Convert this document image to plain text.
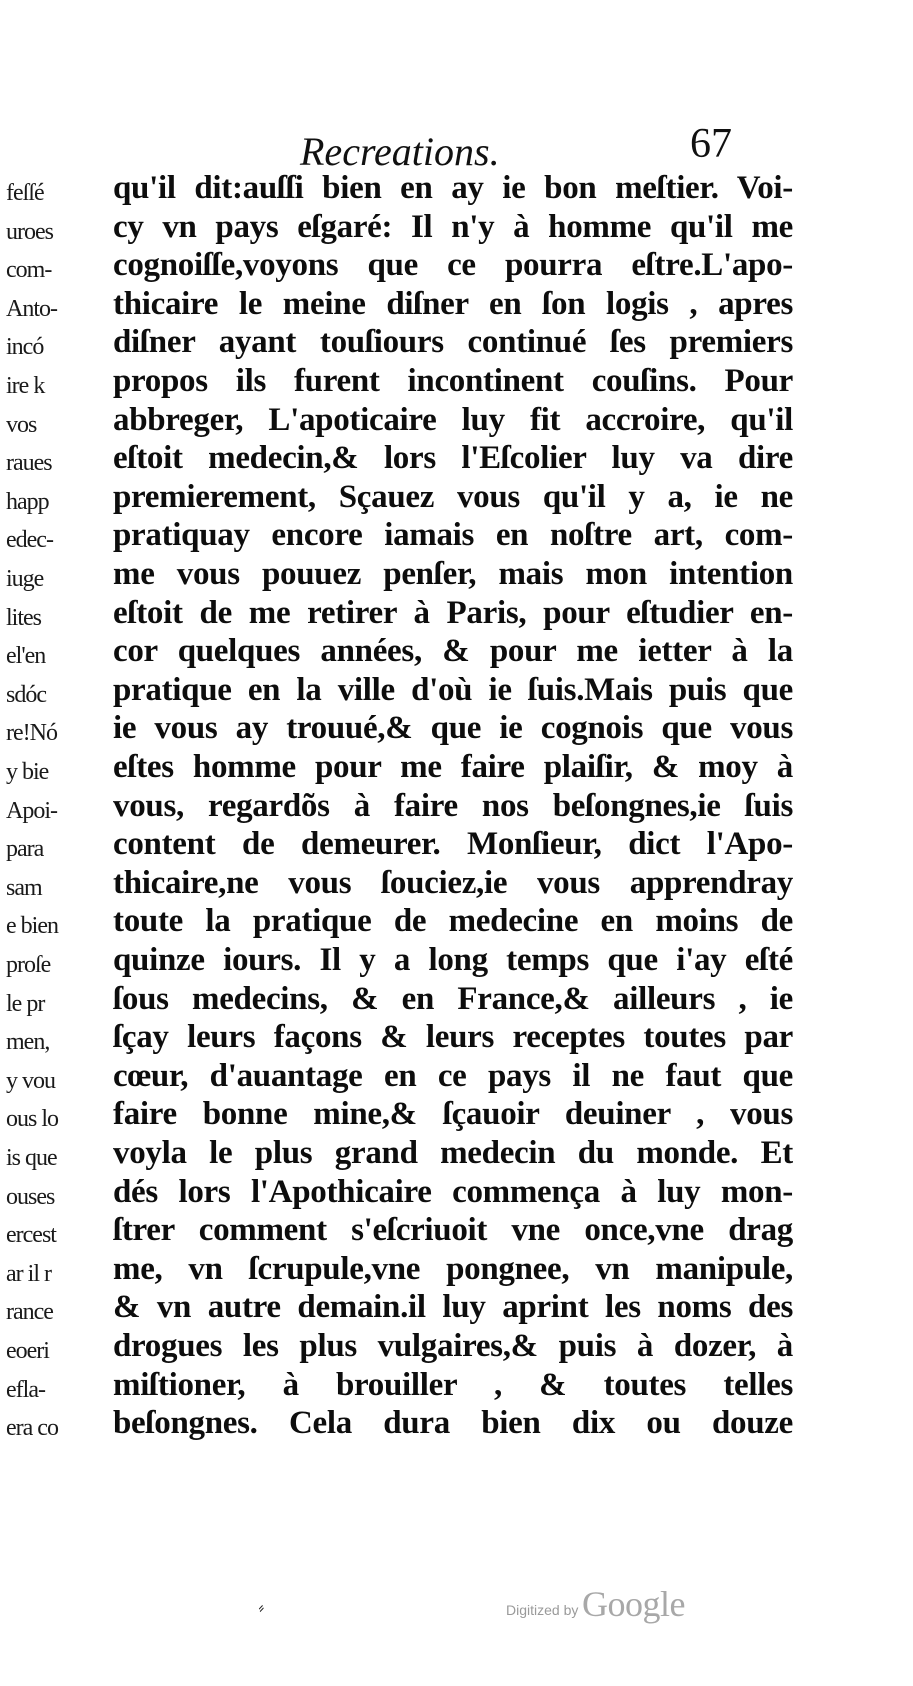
feſſé
uroes
com-
Anto-
incó
ire k
vos
raues
happ
edec-
iuge
lites
el'en
sdóc
re!Nó
y bie
Apoi-
para
sam
e bien
proſe
le pr
men,
y vou
ous lo
is que
ouses
ercest
ar il r
rance
eoeri
efla-
era co
Recreations.	67
qu'il dit:auſſi bien en ay ie bon meſtier. Voi-
cy vn pays eſgaré: Il n'y à homme qu'il me
cognoiſſe,voyons que ce pourra eſtre.L'apo-
thicaire le meine diſner en ſon logis , apres
diſner ayant touſiours continué ſes premiers
propos ils furent incontinent couſins. Pour
abbreger, L'apoticaire luy fit accroire, qu'il
eſtoit medecin,& lors l'Eſcolier luy va dire
premierement, Sçauez vous qu'il y a, ie ne
pratiquay encore iamais en noſtre art, com-
me vous pouuez penſer, mais mon intention
eſtoit de me retirer à Paris, pour eſtudier en-
cor quelques années, & pour me ietter à la
pratique en la ville d'où ie ſuis.Mais puis que
ie vous ay trouué,& que ie cognois que vous
eſtes homme pour me faire plaiſir, & moy à
vous, regardõs à faire nos beſongnes,ie ſuis
content de demeurer. Monſieur, dict l'Apo-
thicaire,ne vous ſouciez,ie vous apprendray
toute la pratique de medecine en moins de
quinze iours. Il y a long temps que i'ay eſté
ſous medecins, & en France,& ailleurs , ie
ſçay leurs façons & leurs receptes toutes par
cœur, d'auantage en ce pays il ne faut que
faire bonne mine,& ſçauoir deuiner , vous
voyla le plus grand medecin du monde. Et
dés lors l'Apothicaire commença à luy mon-
ſtrer comment s'eſcriuoit vne once,vne drag
me, vn ſcrupule,vne pongnee, vn manipule,
& vn autre demain.il luy aprint les noms des
drogues les plus vulgaires,& puis à dozer, à
miſtioner, à brouiller , & toutes telles
beſongnes. Cela dura bien dix ou douze
⸗	Digitized by Google
